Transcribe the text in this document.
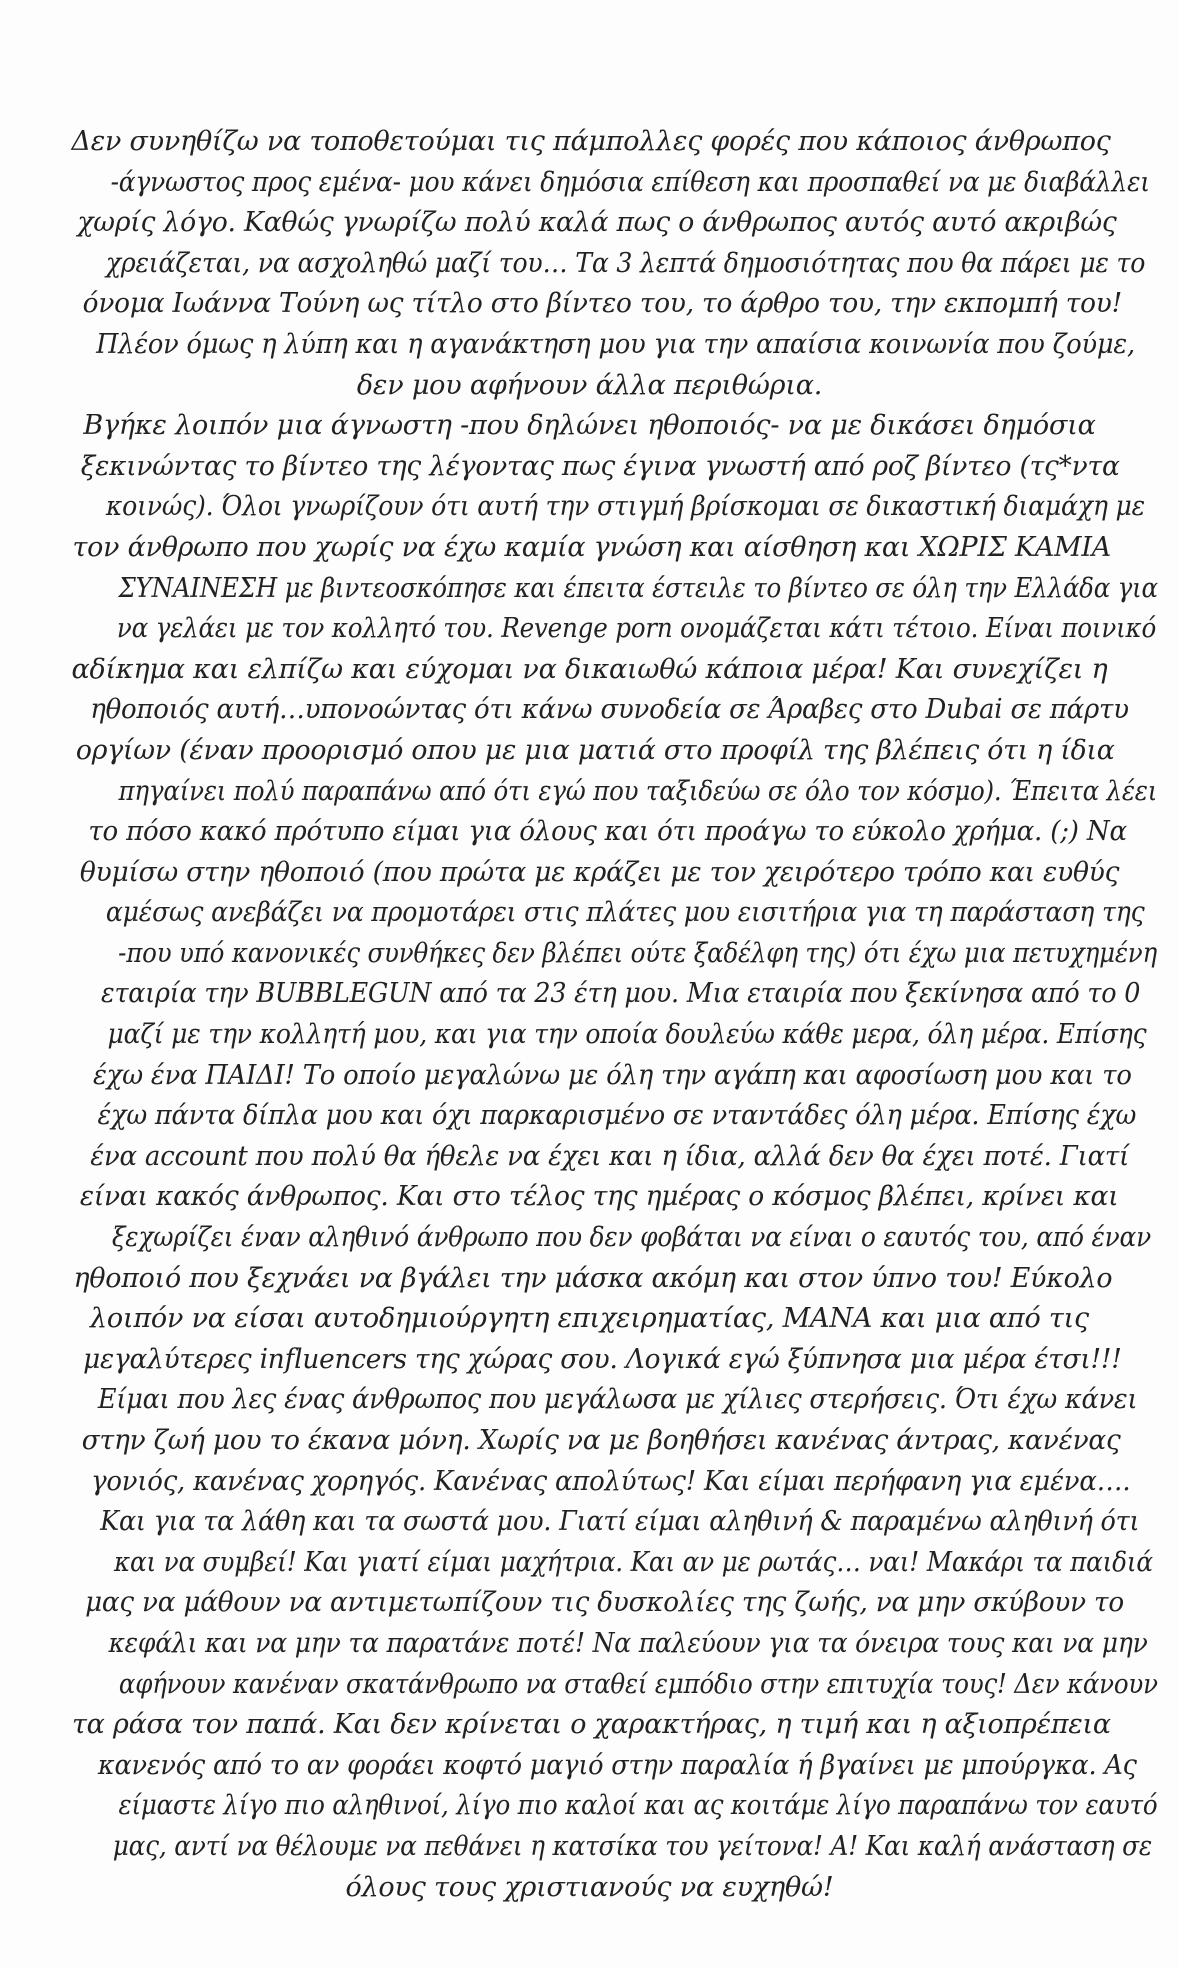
Δεν συνηθίζω να τοποθετούμαι τις πάμπολλες φορές που κάποιος άνθρωπος
-άγνωστος προς εμένα- μου κάνει δημόσια επίθεση και προσπαθεί να με διαβάλλει
χωρίς λόγο. Καθώς γνωρίζω πολύ καλά πως ο άνθρωπος αυτός αυτό ακριβώς
χρειάζεται, να ασχοληθώ μαζί του… Τα 3 λεπτά δημοσιότητας που θα πάρει με το
όνομα Ιωάννα Τούνη ως τίτλο στο βίντεο του, το άρθρο του, την εκπομπή του!
Πλέον όμως η λύπη και η αγανάκτηση μου για την απαίσια κοινωνία που ζούμε,
δεν μου αφήνουν άλλα περιθώρια.
Βγήκε λοιπόν μια άγνωστη -που δηλώνει ηθοποιός- να με δικάσει δημόσια
ξεκινώντας το βίντεο της λέγοντας πως έγινα γνωστή από ροζ βίντεο (τς*ντα
κοινώς). Όλοι γνωρίζουν ότι αυτή την στιγμή βρίσκομαι σε δικαστική διαμάχη με
τον άνθρωπο που χωρίς να έχω καμία γνώση και αίσθηση και ΧΩΡΙΣ ΚΑΜΙΑ
ΣΥΝΑΙΝΕΣΗ με βιντεοσκόπησε και έπειτα έστειλε το βίντεο σε όλη την Ελλάδα για
να γελάει με τον κολλητό του. Revenge porn ονομάζεται κάτι τέτοιο. Είναι ποινικό
αδίκημα και ελπίζω και εύχομαι να δικαιωθώ κάποια μέρα! Και συνεχίζει η
ηθοποιός αυτή…υπονοώντας ότι κάνω συνοδεία σε Άραβες στο Dubai σε πάρτυ
οργίων (έναν προορισμό οπου με μια ματιά στο προφίλ της βλέπεις ότι η ίδια
πηγαίνει πολύ παραπάνω από ότι εγώ που ταξιδεύω σε όλο τον κόσμο). Έπειτα λέει
το πόσο κακό πρότυπο είμαι για όλους και ότι προάγω το εύκολο χρήμα. (;) Να
θυμίσω στην ηθοποιό (που πρώτα με κράζει με τον χειρότερο τρόπο και ευθύς
αμέσως ανεβάζει να προμοτάρει στις πλάτες μου εισιτήρια για τη παράσταση της
-που υπό κανονικές συνθήκες δεν βλέπει ούτε ξαδέλφη της) ότι έχω μια πετυχημένη
εταιρία την BUBBLEGUN από τα 23 έτη μου. Μια εταιρία που ξεκίνησα από το 0
μαζί με την κολλητή μου, και για την οποία δουλεύω κάθε μερα, όλη μέρα. Επίσης
έχω ένα ΠΑΙΔΙ! Το οποίο μεγαλώνω με όλη την αγάπη και αφοσίωση μου και το
έχω πάντα δίπλα μου και όχι παρκαρισμένο σε νταντάδες όλη μέρα. Επίσης έχω
ένα account που πολύ θα ήθελε να έχει και η ίδια, αλλά δεν θα έχει ποτέ. Γιατί
είναι κακός άνθρωπος. Και στο τέλος της ημέρας ο κόσμος βλέπει, κρίνει και
ξεχωρίζει έναν αληθινό άνθρωπο που δεν φοβάται να είναι ο εαυτός του, από έναν
ηθοποιό που ξεχνάει να βγάλει την μάσκα ακόμη και στον ύπνο του! Εύκολο
λοιπόν να είσαι αυτοδημιούργητη επιχειρηματίας, ΜΑΝΑ και μια από τις
μεγαλύτερες influencers της χώρας σου. Λογικά εγώ ξύπνησα μια μέρα έτσι!!!
Είμαι που λες ένας άνθρωπος που μεγάλωσα με χίλιες στερήσεις. Ότι έχω κάνει
στην ζωή μου το έκανα μόνη. Χωρίς να με βοηθήσει κανένας άντρας, κανένας
γονιός, κανένας χορηγός. Κανένας απολύτως! Και είμαι περήφανη για εμένα….
Και για τα λάθη και τα σωστά μου. Γιατί είμαι αληθινή & παραμένω αληθινή ότι
και να συμβεί! Και γιατί είμαι μαχήτρια. Και αν με ρωτάς… ναι! Μακάρι τα παιδιά
μας να μάθουν να αντιμετωπίζουν τις δυσκολίες της ζωής, να μην σκύβουν το
κεφάλι και να μην τα παρατάνε ποτέ! Να παλεύουν για τα όνειρα τους και να μην
αφήνουν κανέναν σκατάνθρωπο να σταθεί εμπόδιο στην επιτυχία τους! Δεν κάνουν
τα ράσα τον παπά. Και δεν κρίνεται ο χαρακτήρας, η τιμή και η αξιοπρέπεια
κανενός από το αν φοράει κοφτό μαγιό στην παραλία ή βγαίνει με μπούργκα. Ας
είμαστε λίγο πιο αληθινοί, λίγο πιο καλοί και ας κοιτάμε λίγο παραπάνω τον εαυτό
μας, αντί να θέλουμε να πεθάνει η κατσίκα του γείτονα! Α! Και καλή ανάσταση σε
όλους τους χριστιανούς να ευχηθώ!
